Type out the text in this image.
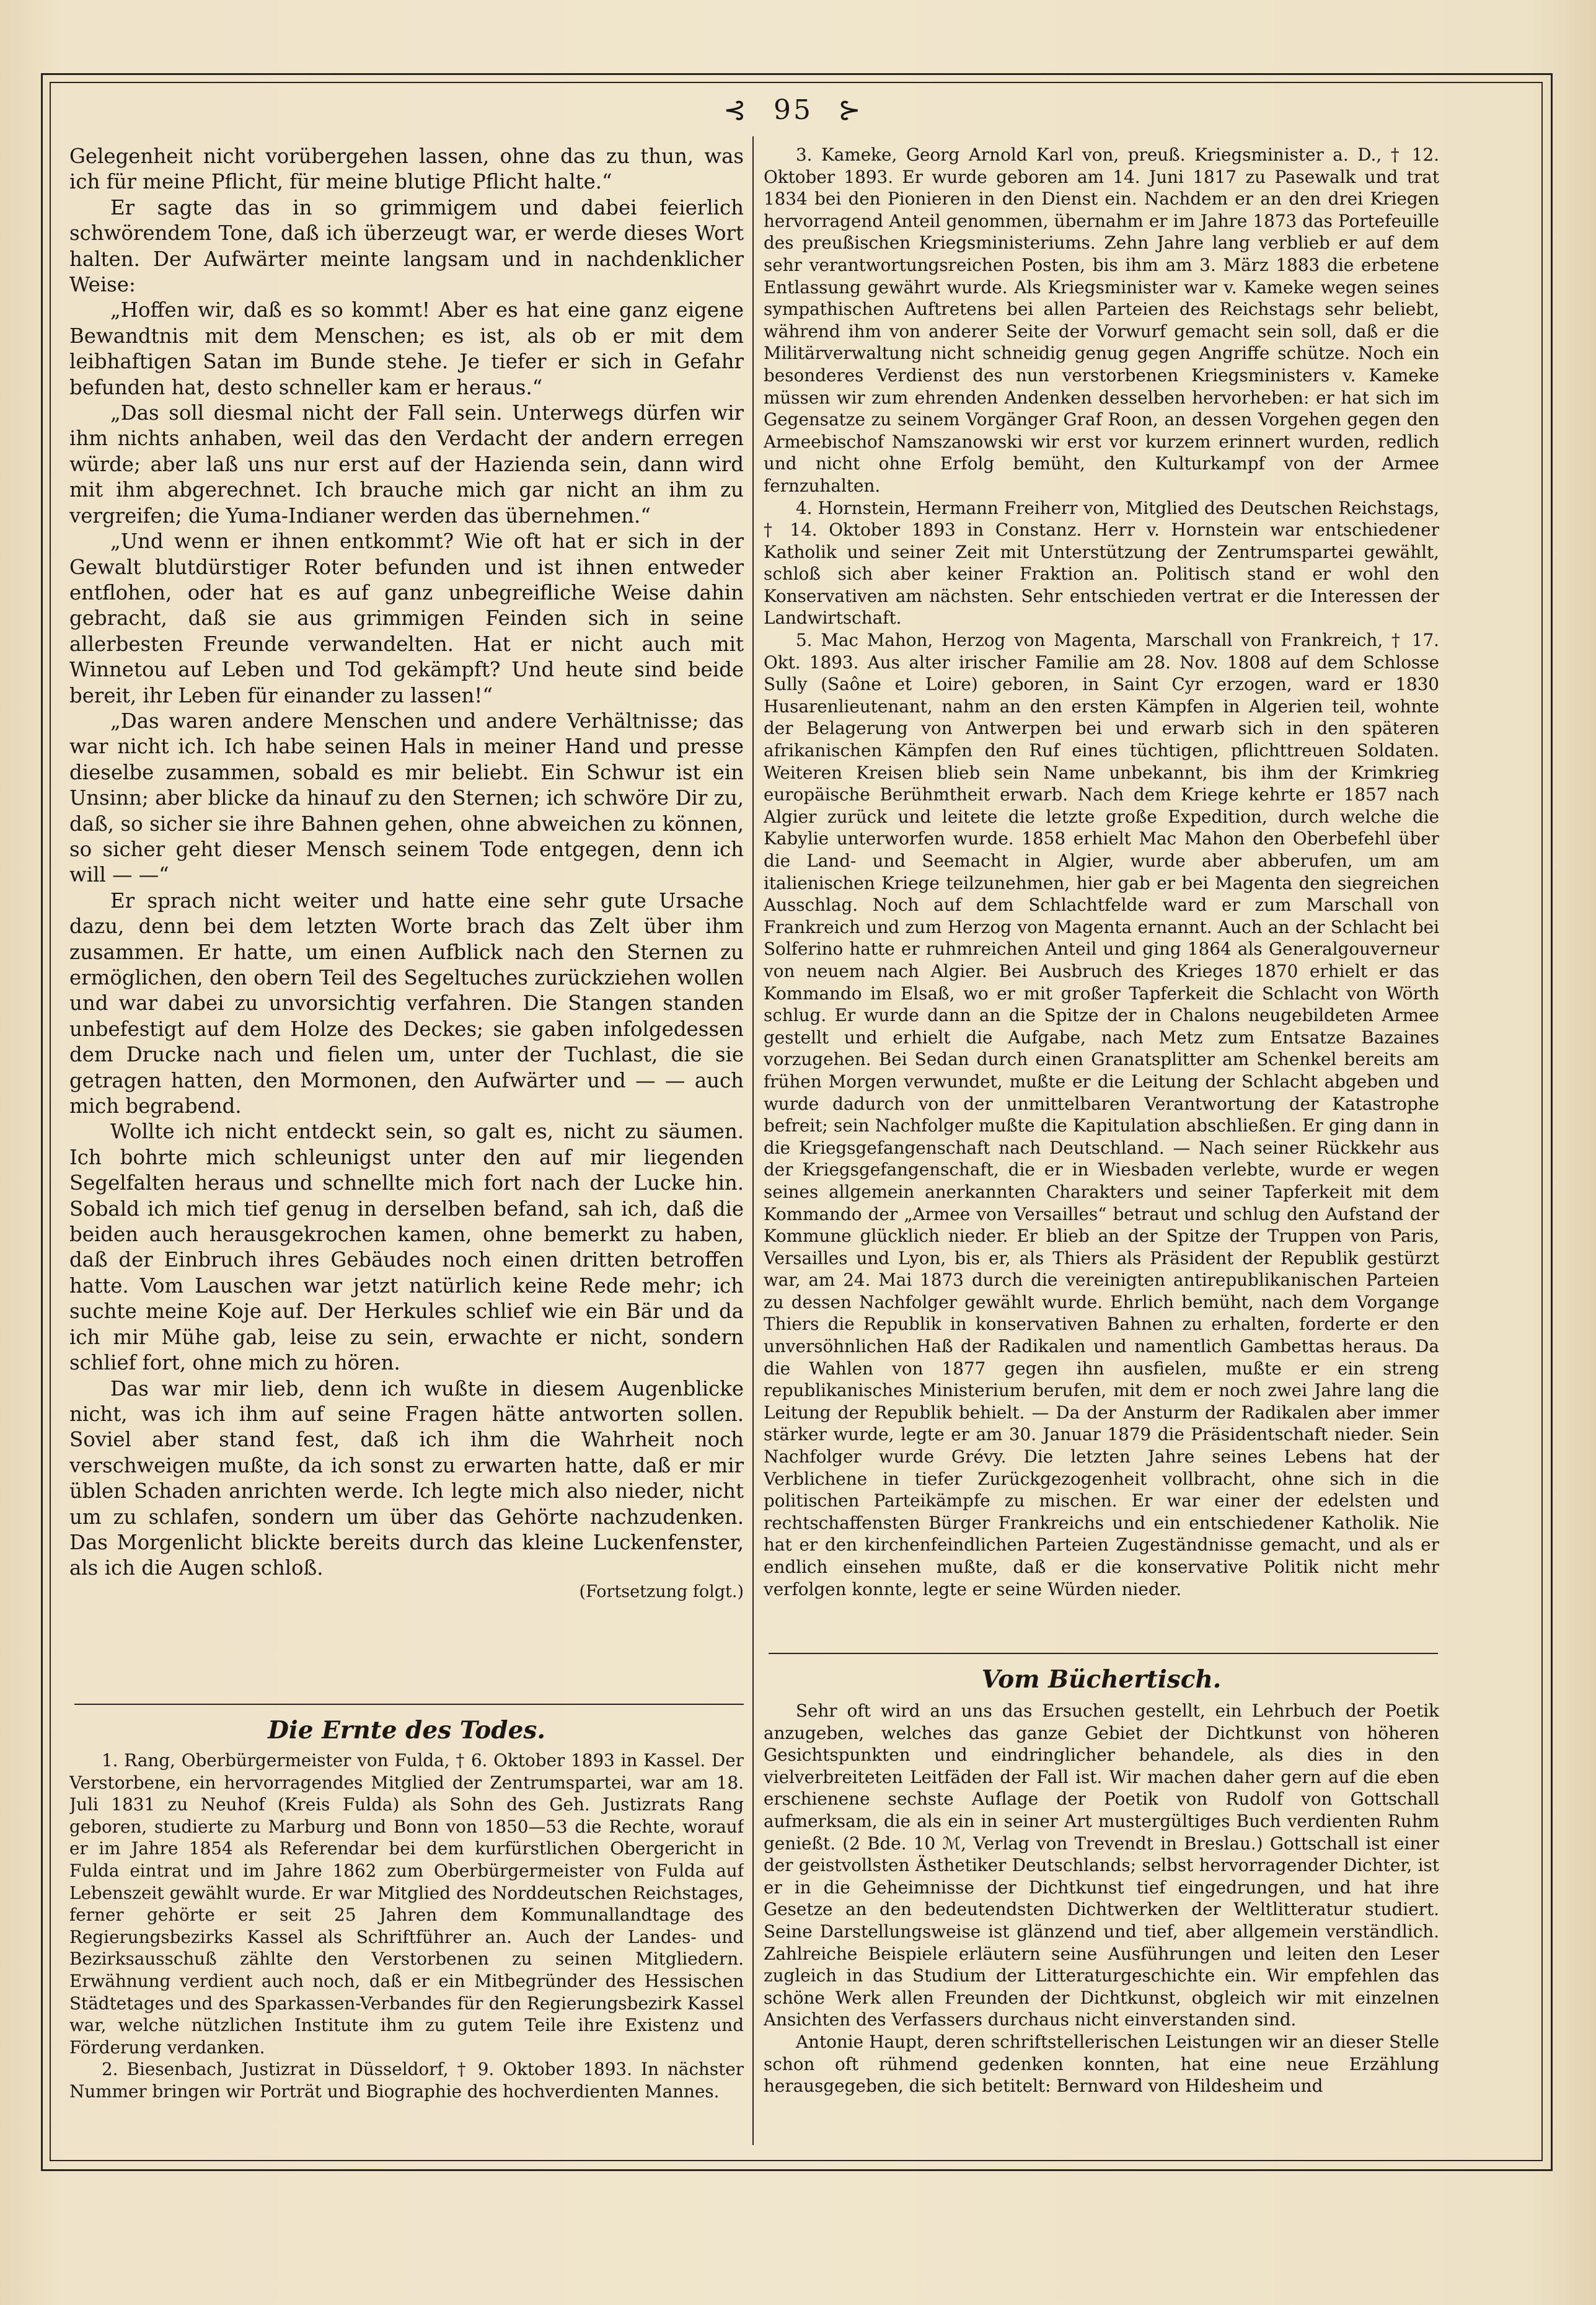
⊰ 95 ⊱

Gelegenheit nicht vorübergehen lassen, ohne das zu thun, was ich für meine Pflicht, für meine blutige Pflicht halte.“

Er sagte das in so grimmigem und dabei feierlich schwörendem Tone, daß ich überzeugt war, er werde dieses Wort halten. Der Aufwärter meinte langsam und in nachdenklicher Weise:

„Hoffen wir, daß es so kommt! Aber es hat eine ganz eigene Bewandtnis mit dem Menschen; es ist, als ob er mit dem leibhaftigen Satan im Bunde stehe. Je tiefer er sich in Gefahr befunden hat, desto schneller kam er heraus.“

„Das soll diesmal nicht der Fall sein. Unterwegs dürfen wir ihm nichts anhaben, weil das den Verdacht der andern erregen würde; aber laß uns nur erst auf der Hazienda sein, dann wird mit ihm abgerechnet. Ich brauche mich gar nicht an ihm zu vergreifen; die Yuma-Indianer werden das übernehmen.“

„Und wenn er ihnen entkommt? Wie oft hat er sich in der Gewalt blutdürstiger Roter befunden und ist ihnen entweder entflohen, oder hat es auf ganz unbegreifliche Weise dahin gebracht, daß sie aus grimmigen Feinden sich in seine allerbesten Freunde verwandelten. Hat er nicht auch mit Winnetou auf Leben und Tod gekämpft? Und heute sind beide bereit, ihr Leben für einander zu lassen!“

„Das waren andere Menschen und andere Verhältnisse; das war nicht ich. Ich habe seinen Hals in meiner Hand und presse dieselbe zusammen, sobald es mir beliebt. Ein Schwur ist ein Unsinn; aber blicke da hinauf zu den Sternen; ich schwöre Dir zu, daß, so sicher sie ihre Bahnen gehen, ohne abweichen zu können, so sicher geht dieser Mensch seinem Tode entgegen, denn ich will — —“

Er sprach nicht weiter und hatte eine sehr gute Ursache dazu, denn bei dem letzten Worte brach das Zelt über ihm zusammen. Er hatte, um einen Aufblick nach den Sternen zu ermöglichen, den obern Teil des Segeltuches zurückziehen wollen und war dabei zu unvorsichtig verfahren. Die Stangen standen unbefestigt auf dem Holze des Deckes; sie gaben infolgedessen dem Drucke nach und fielen um, unter der Tuchlast, die sie getragen hatten, den Mormonen, den Aufwärter und — — auch mich begrabend.

Wollte ich nicht entdeckt sein, so galt es, nicht zu säumen. Ich bohrte mich schleunigst unter den auf mir liegenden Segelfalten heraus und schnellte mich fort nach der Lucke hin. Sobald ich mich tief genug in derselben befand, sah ich, daß die beiden auch herausgekrochen kamen, ohne bemerkt zu haben, daß der Einbruch ihres Gebäudes noch einen dritten betroffen hatte. Vom Lauschen war jetzt natürlich keine Rede mehr; ich suchte meine Koje auf. Der Herkules schlief wie ein Bär und da ich mir Mühe gab, leise zu sein, erwachte er nicht, sondern schlief fort, ohne mich zu hören.

Das war mir lieb, denn ich wußte in diesem Augenblicke nicht, was ich ihm auf seine Fragen hätte antworten sollen. Soviel aber stand fest, daß ich ihm die Wahrheit noch verschweigen mußte, da ich sonst zu erwarten hatte, daß er mir üblen Schaden anrichten werde. Ich legte mich also nieder, nicht um zu schlafen, sondern um über das Gehörte nachzudenken. Das Morgenlicht blickte bereits durch das kleine Luckenfenster, als ich die Augen schloß.

(Fortsetzung folgt.)
Die Ernte des Todes.

1. Rang, Oberbürgermeister von Fulda, † 6. Oktober 1893 in Kassel. Der Verstorbene, ein hervorragendes Mitglied der Zentrumspartei, war am 18. Juli 1831 zu Neuhof (Kreis Fulda) als Sohn des Geh. Justizrats Rang geboren, studierte zu Marburg und Bonn von 1850—53 die Rechte, worauf er im Jahre 1854 als Referendar bei dem kurfürstlichen Obergericht in Fulda eintrat und im Jahre 1862 zum Oberbürgermeister von Fulda auf Lebenszeit gewählt wurde. Er war Mitglied des Norddeutschen Reichstages, ferner gehörte er seit 25 Jahren dem Kommunallandtage des Regierungsbezirks Kassel als Schriftführer an. Auch der Landes- und Bezirksausschuß zählte den Verstorbenen zu seinen Mitgliedern. Erwähnung verdient auch noch, daß er ein Mitbegründer des Hessischen Städtetages und des Sparkassen-Verbandes für den Regierungsbezirk Kassel war, welche nützlichen Institute ihm zu gutem Teile ihre Existenz und Förderung verdanken.

2. Biesenbach, Justizrat in Düsseldorf, † 9. Oktober 1893. In nächster Nummer bringen wir Porträt und Biographie des hochverdienten Mannes.

3. Kameke, Georg Arnold Karl von, preuß. Kriegsminister a. D., † 12. Oktober 1893. Er wurde geboren am 14. Juni 1817 zu Pasewalk und trat 1834 bei den Pionieren in den Dienst ein. Nachdem er an den drei Kriegen hervorragend Anteil genommen, übernahm er im Jahre 1873 das Portefeuille des preußischen Kriegsministeriums. Zehn Jahre lang verblieb er auf dem sehr verantwortungsreichen Posten, bis ihm am 3. März 1883 die erbetene Entlassung gewährt wurde. Als Kriegsminister war v. Kameke wegen seines sympathischen Auftretens bei allen Parteien des Reichstags sehr beliebt, während ihm von anderer Seite der Vorwurf gemacht sein soll, daß er die Militärverwaltung nicht schneidig genug gegen Angriffe schütze. Noch ein besonderes Verdienst des nun verstorbenen Kriegsministers v. Kameke müssen wir zum ehrenden Andenken desselben hervorheben: er hat sich im Gegensatze zu seinem Vorgänger Graf Roon, an dessen Vorgehen gegen den Armeebischof Namszanowski wir erst vor kurzem erinnert wurden, redlich und nicht ohne Erfolg bemüht, den Kulturkampf von der Armee fernzuhalten.

4. Hornstein, Hermann Freiherr von, Mitglied des Deutschen Reichstags, † 14. Oktober 1893 in Constanz. Herr v. Hornstein war entschiedener Katholik und seiner Zeit mit Unterstützung der Zentrumspartei gewählt, schloß sich aber keiner Fraktion an. Politisch stand er wohl den Konservativen am nächsten. Sehr entschieden vertrat er die Interessen der Landwirtschaft.

5. Mac Mahon, Herzog von Magenta, Marschall von Frankreich, † 17. Okt. 1893. Aus alter irischer Familie am 28. Nov. 1808 auf dem Schlosse Sully (Saône et Loire) geboren, in Saint Cyr erzogen, ward er 1830 Husarenlieutenant, nahm an den ersten Kämpfen in Algerien teil, wohnte der Belagerung von Antwerpen bei und erwarb sich in den späteren afrikanischen Kämpfen den Ruf eines tüchtigen, pflichttreuen Soldaten. Weiteren Kreisen blieb sein Name unbekannt, bis ihm der Krimkrieg europäische Berühmtheit erwarb. Nach dem Kriege kehrte er 1857 nach Algier zurück und leitete die letzte große Expedition, durch welche die Kabylie unterworfen wurde. 1858 erhielt Mac Mahon den Oberbefehl über die Land- und Seemacht in Algier, wurde aber abberufen, um am italienischen Kriege teilzunehmen, hier gab er bei Magenta den siegreichen Ausschlag. Noch auf dem Schlachtfelde ward er zum Marschall von Frankreich und zum Herzog von Magenta ernannt. Auch an der Schlacht bei Solferino hatte er ruhmreichen Anteil und ging 1864 als Generalgouverneur von neuem nach Algier. Bei Ausbruch des Krieges 1870 erhielt er das Kommando im Elsaß, wo er mit großer Tapferkeit die Schlacht von Wörth schlug. Er wurde dann an die Spitze der in Chalons neugebildeten Armee gestellt und erhielt die Aufgabe, nach Metz zum Entsatze Bazaines vorzugehen. Bei Sedan durch einen Granatsplitter am Schenkel bereits am frühen Morgen verwundet, mußte er die Leitung der Schlacht abgeben und wurde dadurch von der unmittelbaren Verantwortung der Katastrophe befreit; sein Nachfolger mußte die Kapitulation abschließen. Er ging dann in die Kriegsgefangenschaft nach Deutschland. — Nach seiner Rückkehr aus der Kriegsgefangenschaft, die er in Wiesbaden verlebte, wurde er wegen seines allgemein anerkannten Charakters und seiner Tapferkeit mit dem Kommando der „Armee von Versailles“ betraut und schlug den Aufstand der Kommune glücklich nieder. Er blieb an der Spitze der Truppen von Paris, Versailles und Lyon, bis er, als Thiers als Präsident der Republik gestürzt war, am 24. Mai 1873 durch die vereinigten antirepublikanischen Parteien zu dessen Nachfolger gewählt wurde. Ehrlich bemüht, nach dem Vorgange Thiers die Republik in konservativen Bahnen zu erhalten, forderte er den unversöhnlichen Haß der Radikalen und namentlich Gambettas heraus. Da die Wahlen von 1877 gegen ihn ausfielen, mußte er ein streng republikanisches Ministerium berufen, mit dem er noch zwei Jahre lang die Leitung der Republik behielt. — Da der Ansturm der Radikalen aber immer stärker wurde, legte er am 30. Januar 1879 die Präsidentschaft nieder. Sein Nachfolger wurde Grévy. Die letzten Jahre seines Lebens hat der Verblichene in tiefer Zurückgezogenheit vollbracht, ohne sich in die politischen Parteikämpfe zu mischen. Er war einer der edelsten und rechtschaffensten Bürger Frankreichs und ein entschiedener Katholik. Nie hat er den kirchenfeindlichen Parteien Zugeständnisse gemacht, und als er endlich einsehen mußte, daß er die konservative Politik nicht mehr verfolgen konnte, legte er seine Würden nieder.

Vom Büchertisch.

Sehr oft wird an uns das Ersuchen gestellt, ein Lehrbuch der Poetik anzugeben, welches das ganze Gebiet der Dichtkunst von höheren Gesichtspunkten und eindringlicher behandele, als dies in den vielverbreiteten Leitfäden der Fall ist. Wir machen daher gern auf die eben erschienene sechste Auflage der Poetik von Rudolf von Gottschall aufmerksam, die als ein in seiner Art mustergültiges Buch verdienten Ruhm genießt. (2 Bde. 10 ℳ, Verlag von Trevendt in Breslau.) Gottschall ist einer der geistvollsten Ästhetiker Deutschlands; selbst hervorragender Dichter, ist er in die Geheimnisse der Dichtkunst tief eingedrungen, und hat ihre Gesetze an den bedeutendsten Dichtwerken der Weltlitteratur studiert. Seine Darstellungsweise ist glänzend und tief, aber allgemein verständlich. Zahlreiche Beispiele erläutern seine Ausführungen und leiten den Leser zugleich in das Studium der Litteraturgeschichte ein. Wir empfehlen das schöne Werk allen Freunden der Dichtkunst, obgleich wir mit einzelnen Ansichten des Verfassers durchaus nicht einverstanden sind.

Antonie Haupt, deren schriftstellerischen Leistungen wir an dieser Stelle schon oft rühmend gedenken konnten, hat eine neue Erzählung herausgegeben, die sich betitelt: Bernward von Hildesheim und
